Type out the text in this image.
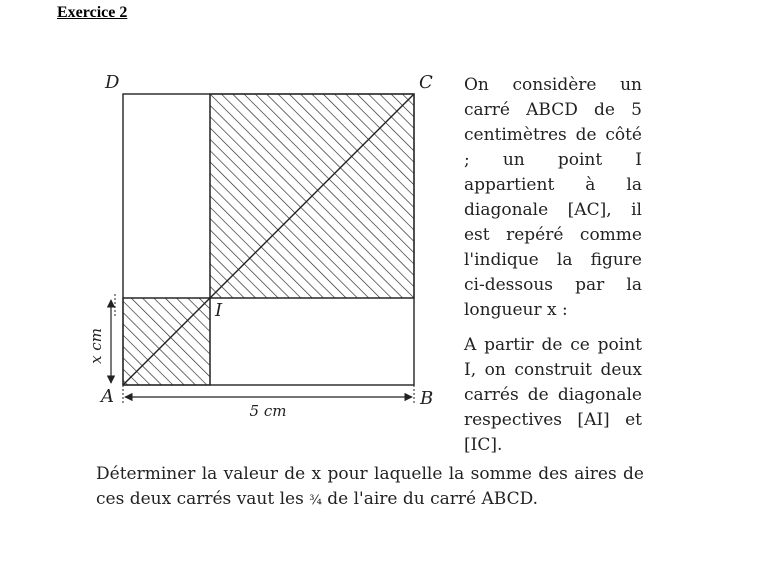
Exercice 2
x cm
5 cm
D	C
A	B
I

On considère un carré ABCD de 5 centimètres de côté ; un point I appartient à la diagonale [AC], il est repéré comme l'indique la figure ci-dessous par la longueur x :

A partir de ce point I, on construit deux carrés de diagonale respectives [AI] et [IC].

Déterminer la valeur de x pour laquelle la somme des aires de ces deux carrés vaut les ¾ de l'aire du carré ABCD.
